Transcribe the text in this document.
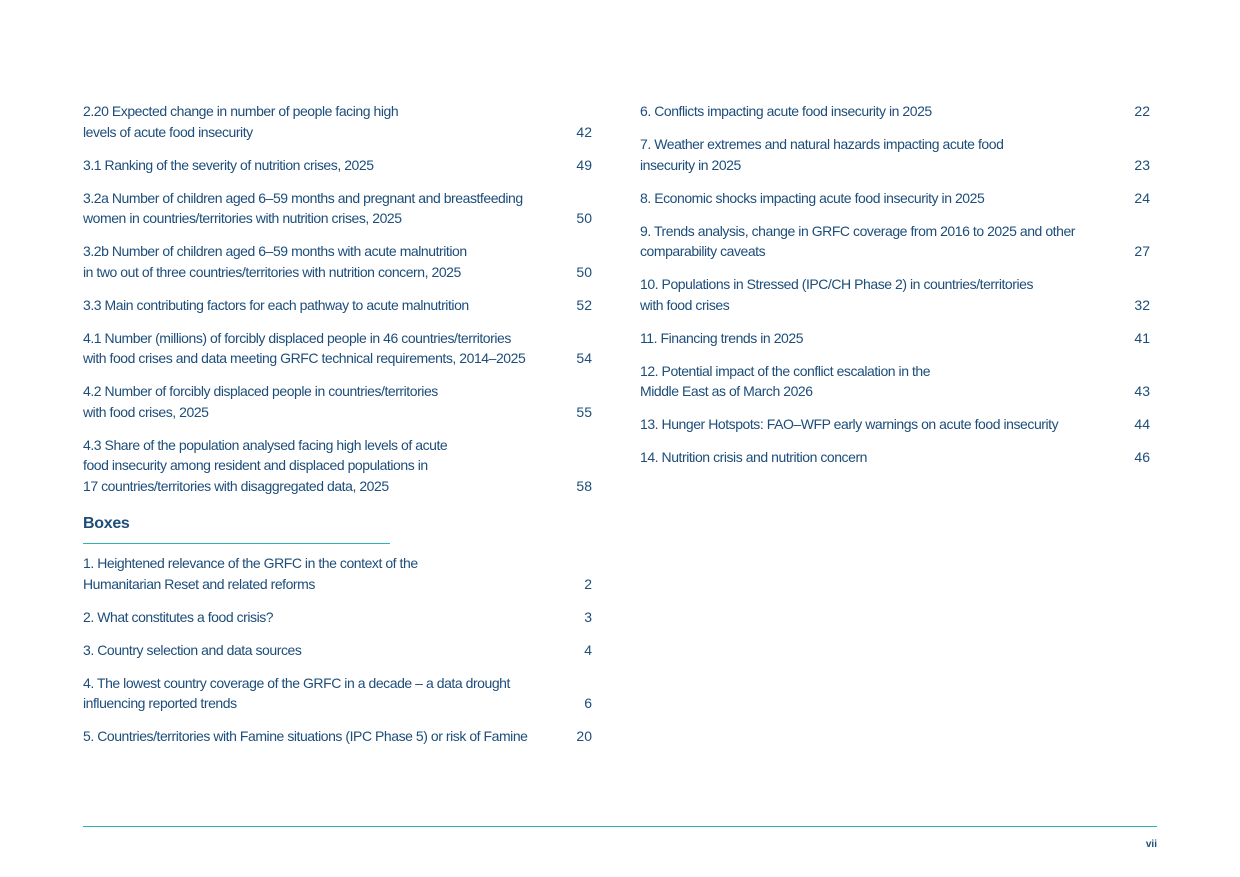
2.20 Expected change in number of people facing high
levels of acute food insecurity	42
3.1 Ranking of the severity of nutrition crises, 2025	49
3.2a Number of children aged 6–59 months and pregnant and breastfeeding
women in countries/territories with nutrition crises, 2025	50
3.2b Number of children aged 6–59 months with acute malnutrition
in two out of three countries/territories with nutrition concern, 2025	50
3.3 Main contributing factors for each pathway to acute malnutrition	52
4.1 Number (millions) of forcibly displaced people in 46 countries/territories
with food crises and data meeting GRFC technical requirements, 2014–2025	54
4.2 Number of forcibly displaced people in countries/territories
with food crises, 2025	55
4.3 Share of the population analysed facing high levels of acute
food insecurity among resident and displaced populations in
17 countries/territories with disaggregated data, 2025	58
Boxes
1. Heightened relevance of the GRFC in the context of the
Humanitarian Reset and related reforms	2
2. What constitutes a food crisis?	3
3. Country selection and data sources	4
4. The lowest country coverage of the GRFC in a decade – a data drought
influencing reported trends	6
5. Countries/territories with Famine situations (IPC Phase 5) or risk of Famine	20
6. Conflicts impacting acute food insecurity in 2025	22
7. Weather extremes and natural hazards impacting acute food
insecurity in 2025	23
8. Economic shocks impacting acute food insecurity in 2025	24
9. Trends analysis, change in GRFC coverage from 2016 to 2025 and other
comparability caveats	27
10. Populations in Stressed (IPC/CH Phase 2) in countries/territories
with food crises	32
11. Financing trends in 2025	41
12. Potential impact of the conflict escalation in the
Middle East as of March 2026	43
13. Hunger Hotspots: FAO–WFP early warnings on acute food insecurity	44
14. Nutrition crisis and nutrition concern	46
vii
